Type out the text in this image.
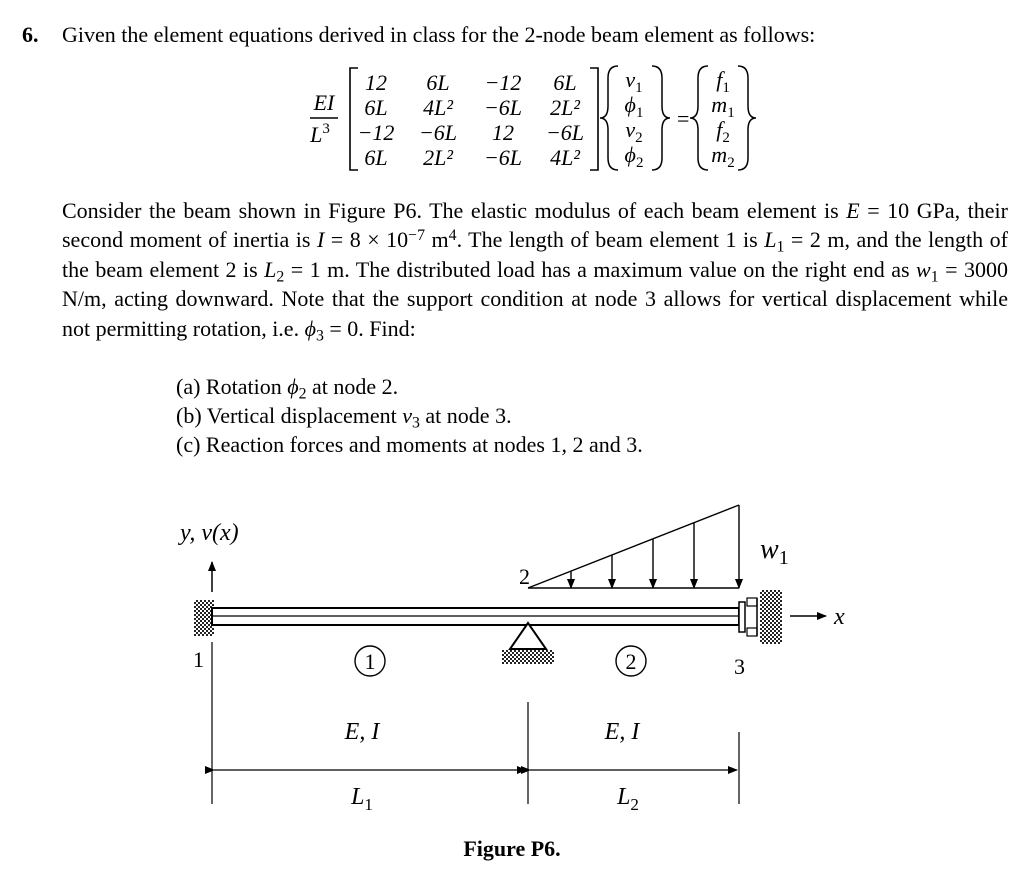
6. Given the element equations derived in class for the 2-node beam element as follows:
EI
$L^3$
12 6L −12 6L
6L 4L² −6L 2L²
−12 −6L 12 −6L
6L 2L² −6L 4L²
$v_1$
$\phi_1$
$v_2$
$\phi_2$
=
$f_1$
$m_1$
$f_2$
$m_2$

Consider the beam shown in Figure P6. The elastic modulus of each beam element is E = 10 GPa, their second moment of inertia is $I = 8 \times 10^{-7}$ $m^4$. The length of beam element 1 is $L_1 = 2$ m, and the length of the beam element 2 is $L_2 = 1$ m. The distributed load has a maximum value on the right end as $w_1 = 3000$ N/m, acting downward. Note that the support condition at node 3 allows for vertical displacement while not permitting rotation, i.e. $\phi_3 = 0$. Find:

(a) Rotation $\phi_2$ at node 2.
(b) Vertical displacement $v_3$ at node 3.
(c) Reaction forces and moments at nodes 1, 2 and 3.
y, v(x)
x
$w_1$
1
2
3
1	2
E, I	E, I
$L_1$	$L_2$
Figure P6.
